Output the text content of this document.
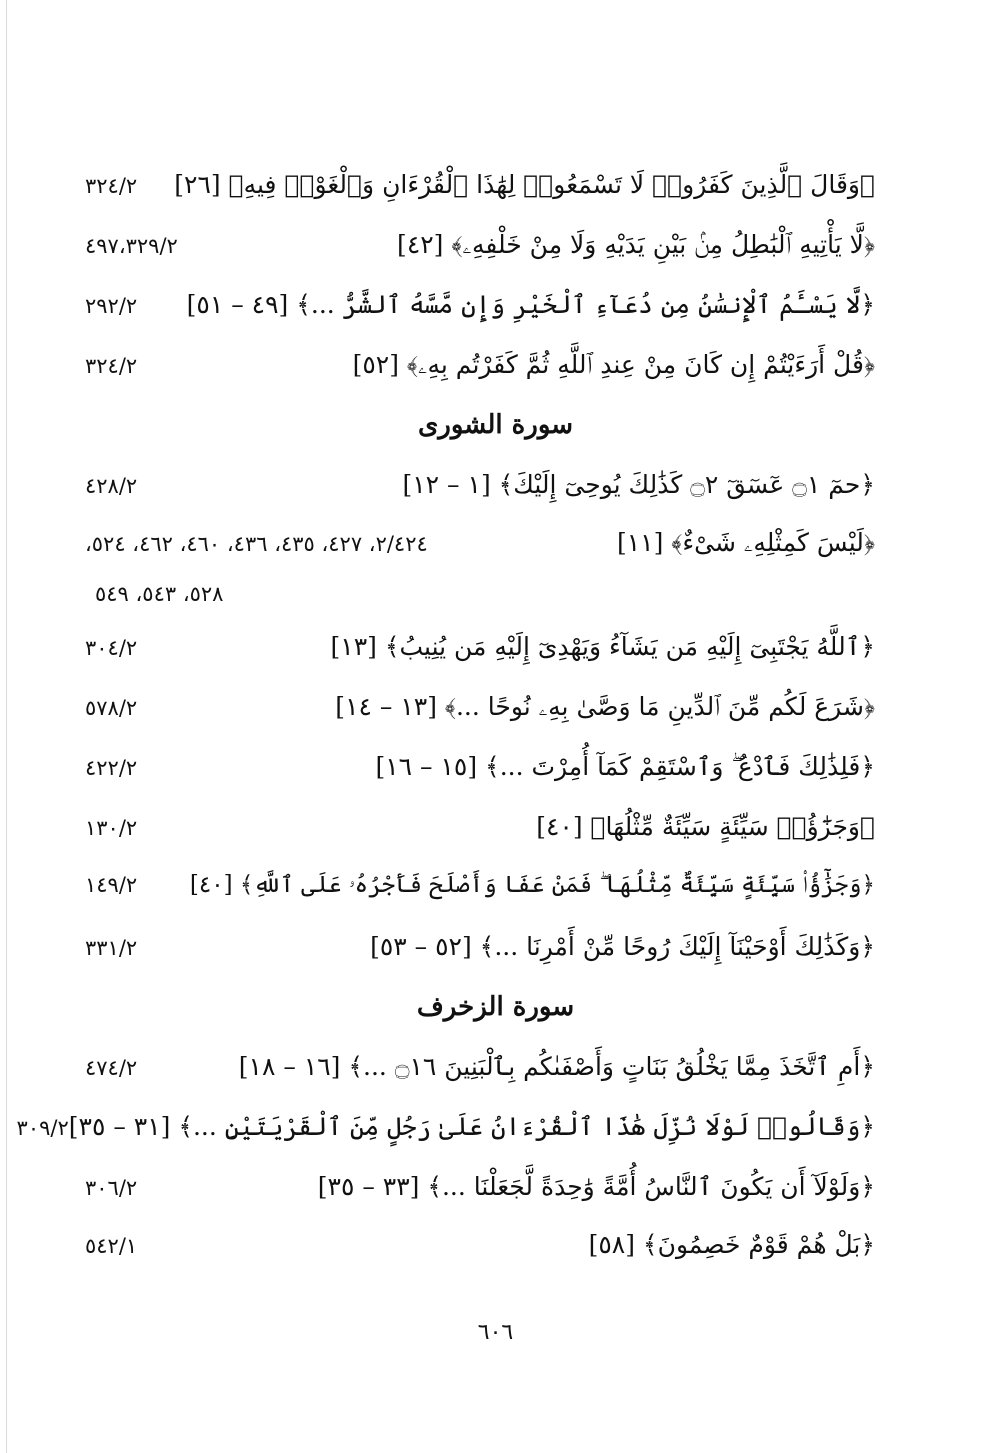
﴿وَقَالَ ٱلَّذِينَ كَفَرُوا۟ لَا تَسْمَعُوا۟ لِهَٰذَا ٱلْقُرْءَانِ وَٱلْغَوْا۟ فِيهِ﴾ [٢٦]
٣٢٤/٢
﴿لَّا يَأْتِيهِ ٱلْبَٰطِلُ مِنۢ بَيْنِ يَدَيْهِ وَلَا مِنْ خَلْفِهِۦ﴾ [٤٢]
٤٩٧،٣٢٩/٢
﴿لَّا يَسْـَٔمُ ٱلْإِنسَٰنُ مِن دُعَآءِ ٱلْخَيْرِ وَإِن مَّسَّهُ ٱلشَّرُّ ...﴾ [٤٩ – ٥١]
٢٩٢/٢
﴿قُلْ أَرَءَيْتُمْ إِن كَانَ مِنْ عِندِ ٱللَّهِ ثُمَّ كَفَرْتُم بِهِۦ﴾ [٥٢]
٣٢٤/٢
سورة الشورى
﴿حمٓ ۝١ عٓسٓقٓ ۝٢ كَذَٰلِكَ يُوحِىٓ إِلَيْكَ﴾ [١ – ١٢]
٤٢٨/٢
﴿لَيْسَ كَمِثْلِهِۦ شَىْءٌ﴾ [١١]
٢/٤٢٤، ٤٢٧، ٤٣٥، ٤٣٦، ٤٦٠، ٤٦٢، ٥٢٤،
٥٢٨، ٥٤٣، ٥٤٩
﴿ٱللَّهُ يَجْتَبِىٓ إِلَيْهِ مَن يَشَآءُ وَيَهْدِىٓ إِلَيْهِ مَن يُنِيبُ﴾ [١٣]
٣٠٤/٢
﴿شَرَعَ لَكُم مِّنَ ٱلدِّينِ مَا وَصَّىٰ بِهِۦ نُوحًا ...﴾ [١٣ – ١٤]
٥٧٨/٢
﴿فَلِذَٰلِكَ فَٱدْعُ ۖ وَٱسْتَقِمْ كَمَآ أُمِرْتَ ...﴾ [١٥ – ١٦]
٤٢٢/٢
﴿وَجَزَٰٓؤُا۟ سَيِّئَةٍ سَيِّئَةٌ مِّثْلُهَا﴾ [٤٠]
١٣٠/٢
﴿وَجَزَٰٓؤُا۟ سَيِّئَةٍ سَيِّئَةٌ مِّثْلُهَا ۖ فَمَنْ عَفَا وَأَصْلَحَ فَأَجْرُهُۥ عَلَى ٱللَّهِ﴾ [٤٠]
١٤٩/٢
﴿وَكَذَٰلِكَ أَوْحَيْنَآ إِلَيْكَ رُوحًا مِّنْ أَمْرِنَا ...﴾ [٥٢ – ٥٣]
٣٣١/٢
سورة الزخرف
﴿أَمِ ٱتَّخَذَ مِمَّا يَخْلُقُ بَنَاتٍ وَأَصْفَىٰكُم بِٱلْبَنِينَ ۝١٦ ...﴾ [١٦ – ١٨]
٤٧٤/٢
﴿وَقَالُوا۟ لَوْلَا نُزِّلَ هَٰذَا ٱلْقُرْءَانُ عَلَىٰ رَجُلٍ مِّنَ ٱلْقَرْيَتَيْنِ ...﴾ [٣١ – ٣٥]
٣٠٩/٢
﴿وَلَوْلَآ أَن يَكُونَ ٱلنَّاسُ أُمَّةً وَٰحِدَةً لَّجَعَلْنَا ...﴾ [٣٣ – ٣٥]
٣٠٦/٢
﴿بَلْ هُمْ قَوْمٌ خَصِمُونَ﴾ [٥٨]
٥٤٢/١
٦٠٦
